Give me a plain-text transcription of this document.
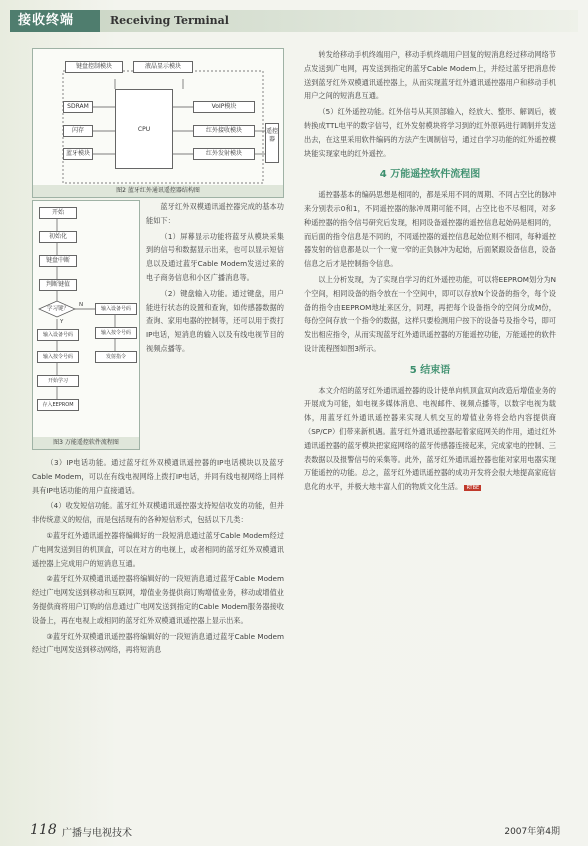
接收终端	Receiving Terminal
键盘控制模块	液晶显示模块
SDRAM
CPU
VoIP模块
闪存	红外接收模块
蓝牙模块	红外发射模块
遥控器
图2 蓝牙红外通讯遥控器结构图
开始
初始化
键盘中断
判断键值
学习键？
N
Y
输入设备号码
输入设备号码	输入按令号码
输入按令号码	发射指令
开始学习
存入EEPROM
图3 万能遥控软件流程图

蓝牙红外双模通讯遥控器完成的基本功能如下：

（1）屏幕显示功能将蓝牙从模块采集到的信号和数据显示出来，也可以显示短信息以及通过蓝牙Cable Modem发送过来的电子商务信息和小区广播消息等。

（2）键盘输入功能。通过键盘，用户能进行状态的设置和查询，如传感器数据的查询、家用电器的控制等，还可以用于拨打IP电话，短消息的输入以及有线电视节目的视频点播等。

（3）IP电话功能。通过蓝牙红外双模通讯遥控器的IP电话模块以及蓝牙Cable Modem，可以在有线电视网络上拨打IP电话，并同有线电视网络上同样具有IP电话功能的用户直接通话。

（4）收发短信功能。蓝牙红外双模通讯遥控器支持短信收发的功能，但并非传统意义的短信，而是包括现有的各种短信形式，包括以下几类：

①蓝牙红外通讯遥控器将编辑好的一段短消息通过蓝牙Cable Modem经过广电网发送到目的机顶盒，可以在对方的电视上，或者相同的蓝牙红外双模通讯遥控器上完成用户的短消息互通。

②蓝牙红外双模通讯遥控器将编辑好的一段短消息通过蓝牙Cable Modem经过广电网发送到移动和互联网，增值业务提供商订购增值业务，移动或增值业务提供商将用户订购的信息通过广电网发送到指定的Cable Modem服务器接收设备上，再在电视上或相同的蓝牙红外双模通讯遥控器上显示出来。

③蓝牙红外双模通讯遥控器将编辑好的一段短消息通过蓝牙Cable Modem经过广电网发送到移动网络，再将短消息

转发给移动手机终端用户，移动手机终端用户回复的短消息经过移动网络节点发送到广电网，再发送到指定的蓝牙Cable Modem上，并经过蓝牙把消息传送到蓝牙红外双模通讯遥控器上，从而实现蓝牙红外通讯遥控器用户和移动手机用户之间的短消息互通。

（5）红外遥控功能。红外信号从其顶部输入，经放大、整形、解调后，被转换成TTL电平的数字信号，红外发射模块将学习到的红外原码进行调制并发送出去，在这里采用软件编码的方法产生调制信号，通过自学习功能的红外遥控模块能实现家电的红外遥控。

4 万能遥控软件流程图

遥控器基本的编码思想是相同的，都是采用不同的周期、不同占空比的脉冲来分别表示0和1，不同遥控器的脉冲周期可能不同，占空比也不尽相同，对多种遥控器的指令信号研究后发现，相同设备遥控器的遥控信息起始码是相同的，而后面的指令信息是不同的，不同遥控器的遥控信息起始位则不相同，每种遥控器发射的信息都是以一个一宽一窄的正负脉冲为起始，后面紧跟设备信息，设备信息之后才是控制指令信息。

以上分析发现，为了实现自学习的红外遥控功能，可以将EEPROM划分为N个空间，相同设备的指令放在一个空间中，即可以存放N个设备的指令，每个设备的指令由EEPROM地址来区分，同理，再把每个设备指令的空间分成M份，每份空间存放一个指令的数据，这样只要检测用户按下的设备号及指令号，即可发出相应指令，从而实现蓝牙红外通讯遥控器的万能遥控功能，万能遥控的软件设计流程图如图3所示。

5 结束语

本文介绍的蓝牙红外通讯遥控器的设计使单向机顶盒双向改造后增值业务的开展成为可能，如电视多媒体消息、电视邮件、视频点播等，以数字电视为载体，用蓝牙红外通讯遥控器来实现人机交互的增值业务将会给内容提供商（SP/CP）们带来新机遇。蓝牙红外通讯遥控器起着家庭网关的作用，通过红外通讯遥控器的蓝牙模块把家庭网络的蓝牙传感器连接起来，完成家电的控制、三表数据以及报警信号的采集等。此外，蓝牙红外通讯遥控器也能对家用电器实现万能遥控的功能。总之，蓝牙红外通讯遥控器的成功开发将会很大地提高家庭信息化的水平，并极大地丰富人们的物质文化生活。 RTBE

118 广播与电视技术	2007年第4期
